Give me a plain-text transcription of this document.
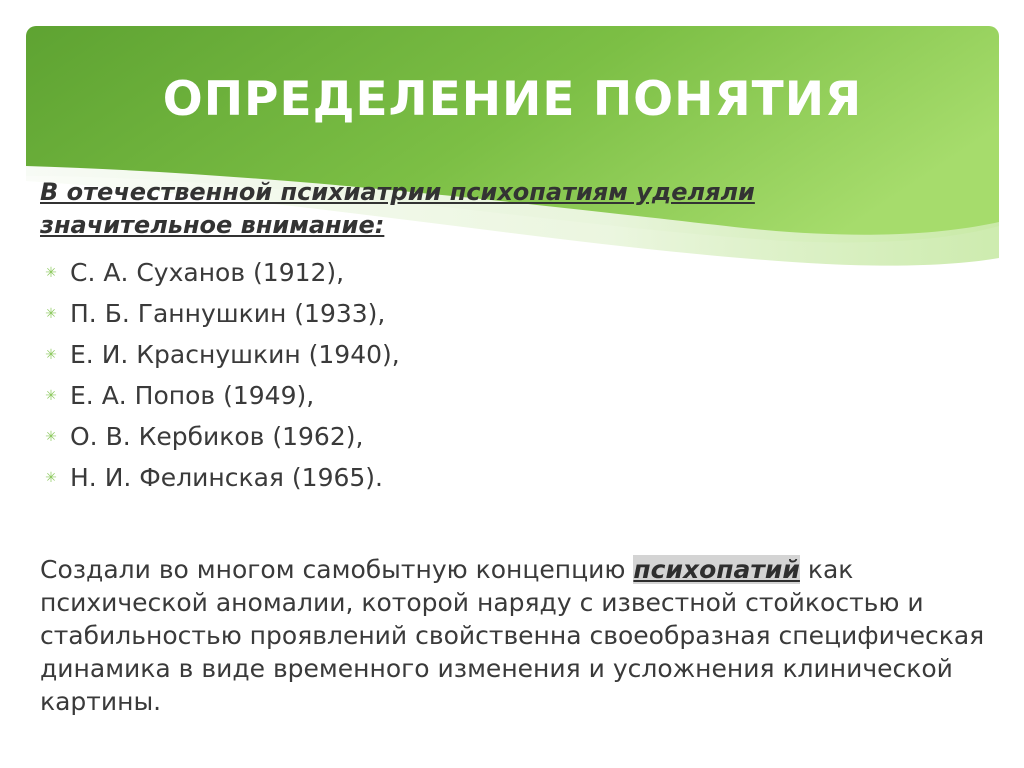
ОПРЕДЕЛЕНИЕ ПОНЯТИЯ

В отечественной психиатрии психопатиям уделяли значительное внимание:

✳ С. А. Суханов (1912),
✳ П. Б. Ганнушкин (1933),
✳ Е. И. Краснушкин (1940),
✳ Е. А. Попов (1949),
✳ О. В. Кербиков (1962),
✳ Н. И. Фелинская (1965).

Создали во многом самобытную концепцию психопатий как психической аномалии, которой наряду с известной стойкостью и стабильностью проявлений свойственна своеобразная специфическая динамика в виде временного изменения и усложнения клинической картины.
